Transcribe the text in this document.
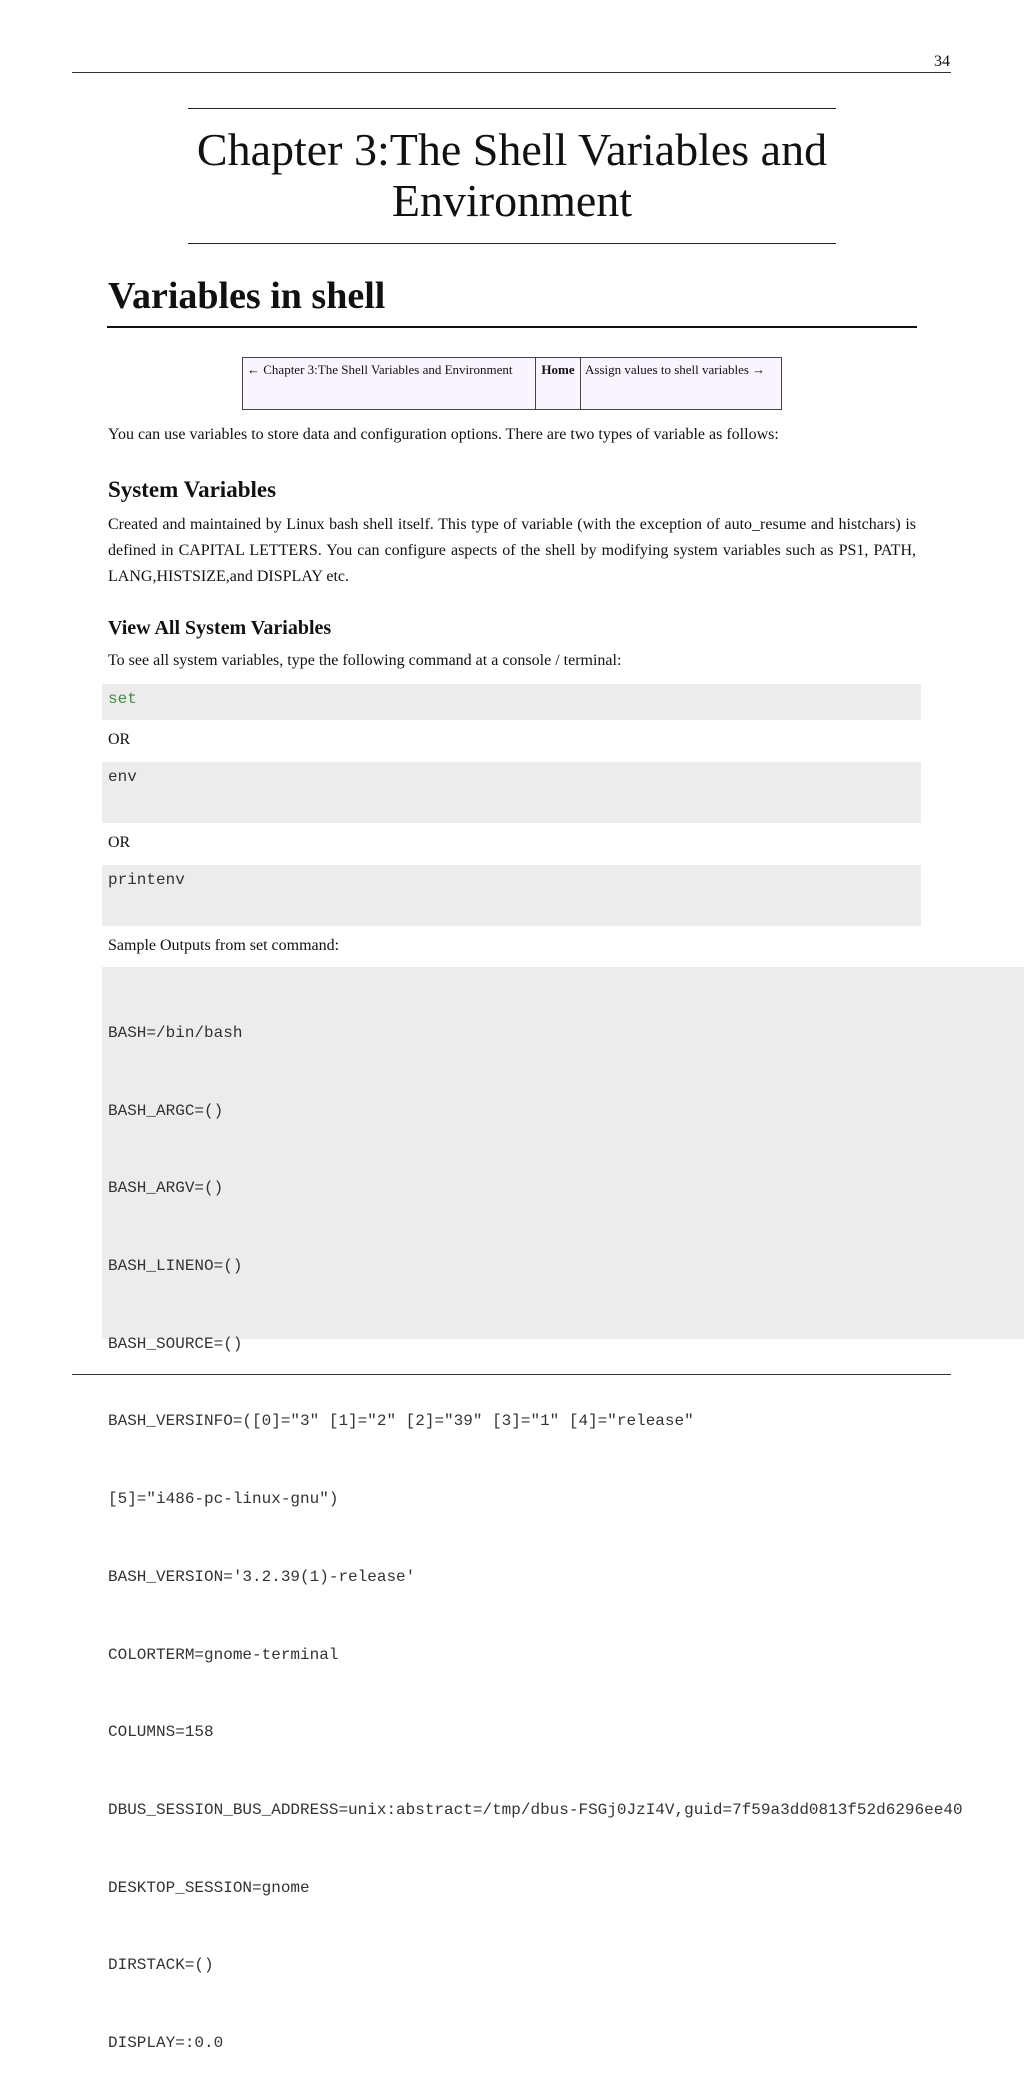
34
Chapter 3:The Shell Variables and
Environment
Variables in shell
← Chapter 3:The Shell Variables and Environment	Home Assign values to shell variables →
You can use variables to store data and configuration options. There are two types of variable as follows:
System Variables
Created and maintained by Linux bash shell itself. This type of variable (with the exception of auto_resume and histchars) is defined in CAPITAL LETTERS. You can configure aspects of the shell by modifying system variables such as PS1, PATH, LANG,HISTSIZE,and DISPLAY etc.
View All System Variables
To see all system variables, type the following command at a console / terminal:
set
OR
env
OR
printenv
Sample Outputs from set command:

BASH=/bin/bash

BASH_ARGC=()

BASH_ARGV=()

BASH_LINENO=()

BASH_SOURCE=()

BASH_VERSINFO=([0]="3" [1]="2" [2]="39" [3]="1" [4]="release"

[5]="i486-pc-linux-gnu")

BASH_VERSION='3.2.39(1)-release'

COLORTERM=gnome-terminal

COLUMNS=158

DBUS_SESSION_BUS_ADDRESS=unix:abstract=/tmp/dbus-FSGj0JzI4V,guid=7f59a3dd0813f52d6296ee40

DESKTOP_SESSION=gnome

DIRSTACK=()

DISPLAY=:0.0
